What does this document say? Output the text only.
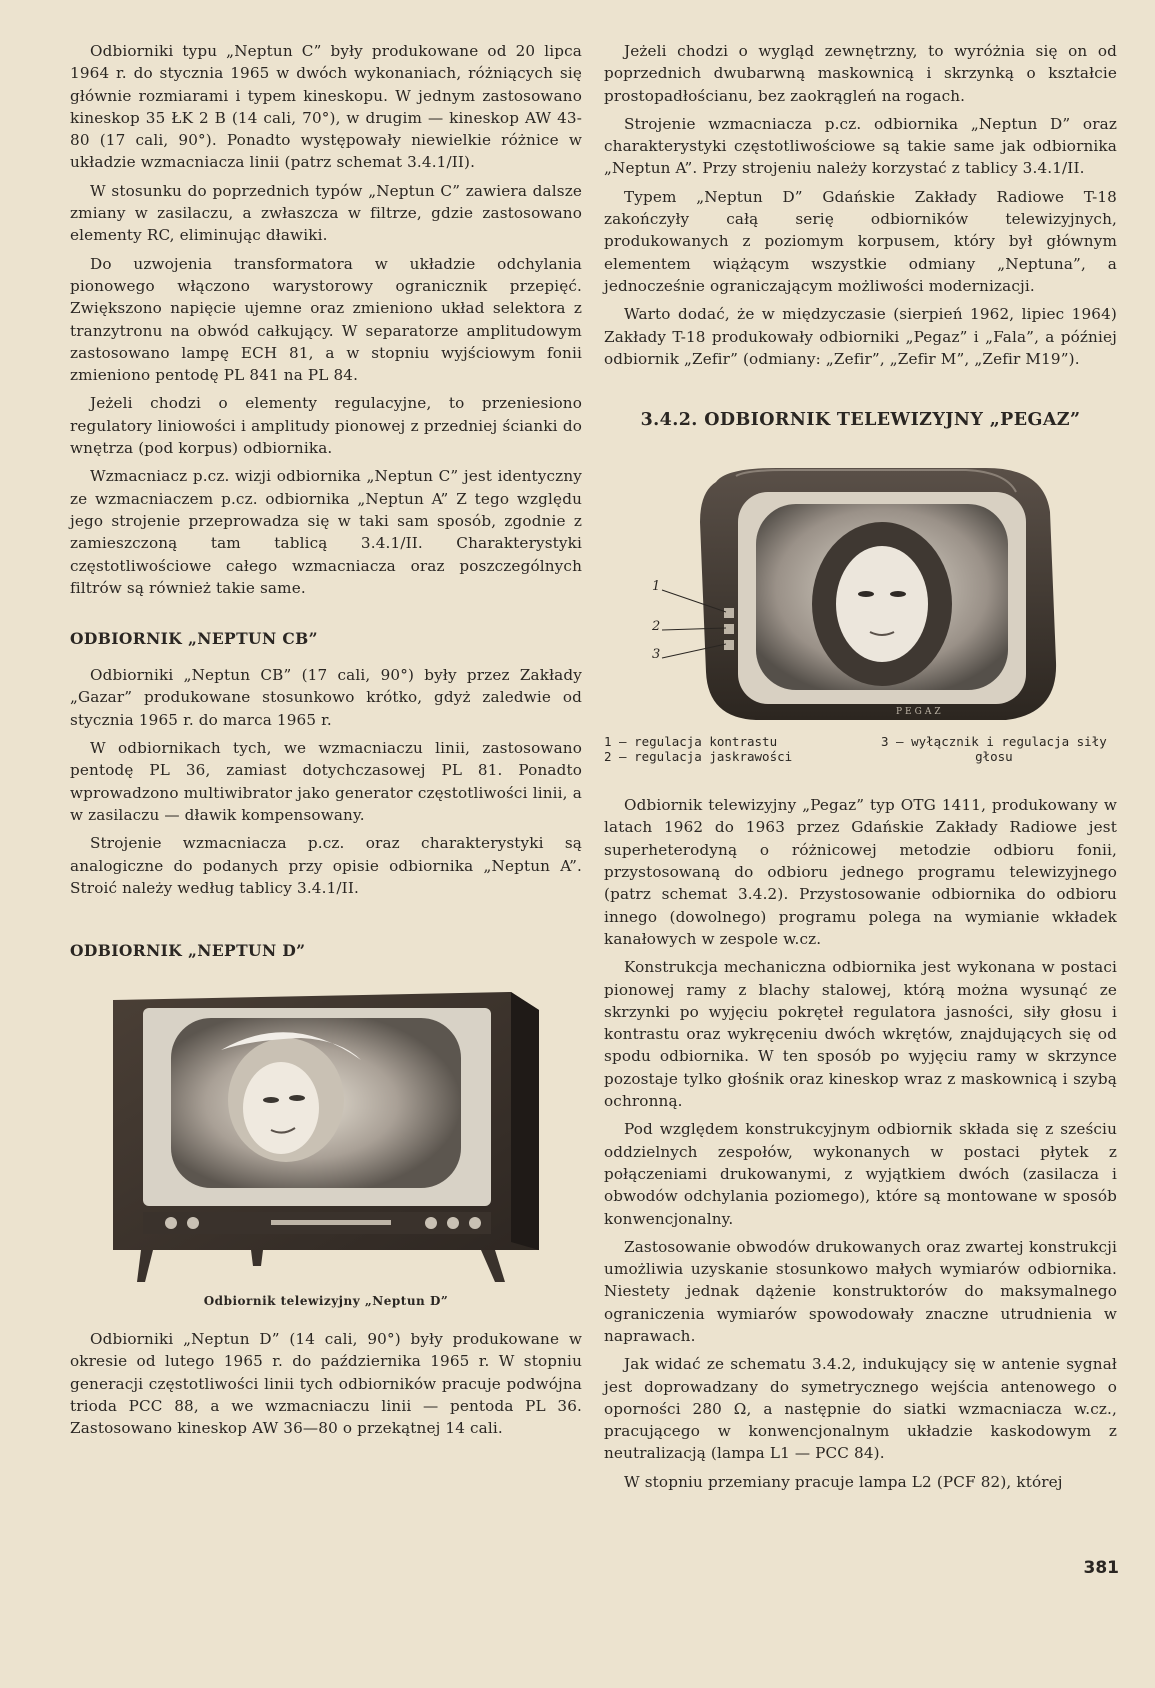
Odbiorniki typu „Neptun C” były produkowane od 20 lipca 1964 r. do stycznia 1965 w dwóch wykonaniach, różniących się głównie rozmiarami i typem kineskopu. W jednym zastosowano kineskop 35 ŁK 2 B (14 cali, 70°), w drugim — kineskop AW 43-80 (17 cali, 90°). Ponadto występowały niewielkie różnice w układzie wzmacniacza linii (patrz schemat 3.4.1/II).

W stosunku do poprzednich typów „Neptun C” zawiera dalsze zmiany w zasilaczu, a zwłaszcza w filtrze, gdzie zastosowano elementy RC, eliminując dławiki.

Do uzwojenia transformatora w układzie odchylania pionowego włączono warystorowy ogranicznik przepięć. Zwiększono napięcie ujemne oraz zmieniono układ selektora z tranzytronu na obwód całkujący. W separatorze amplitudowym zastosowano lampę ECH 81, a w stopniu wyjściowym fonii zmieniono pentodę PL 841 na PL 84.

Jeżeli chodzi o elementy regulacyjne, to przeniesiono regulatory liniowości i amplitudy pionowej z przedniej ścianki do wnętrza (pod korpus) odbiornika.

Wzmacniacz p.cz. wizji odbiornika „Neptun C” jest identyczny ze wzmacniaczem p.cz. odbiornika „Neptun A” Z tego względu jego strojenie przeprowadza się w taki sam sposób, zgodnie z zamieszczoną tam tablicą 3.4.1/II. Charakterystyki częstotliwościowe całego wzmacniacza oraz poszczególnych filtrów są również takie same.

ODBIORNIK „NEPTUN CB”

Odbiorniki „Neptun CB” (17 cali, 90°) były przez Zakłady „Gazar” produkowane stosunkowo krótko, gdyż zaledwie od stycznia 1965 r. do marca 1965 r.

W odbiornikach tych, we wzmacniaczu linii, zastosowano pentodę PL 36, zamiast dotychczasowej PL 81. Ponadto wprowadzono multiwibrator jako generator częstotliwości linii, a w zasilaczu — dławik kompensowany.

Strojenie wzmacniacza p.cz. oraz charakterystyki są analogiczne do podanych przy opisie odbiornika „Neptun A”. Stroić należy według tablicy 3.4.1/II.

ODBIORNIK „NEPTUN D”
Odbiornik telewizyjny „Neptun D”

Odbiorniki „Neptun D” (14 cali, 90°) były produkowane w okresie od lutego 1965 r. do października 1965 r. W stopniu generacji częstotliwości linii tych odbiorników pracuje podwójna trioda PCC 88, a we wzmacniaczu linii — pentoda PL 36. Zastosowano kineskop AW 36—80 o przekątnej 14 cali.

Jeżeli chodzi o wygląd zewnętrzny, to wyróżnia się on od poprzednich dwubarwną maskownicą i skrzynką o kształcie prostopadłościanu, bez zaokrągleń na rogach.

Strojenie wzmacniacza p.cz. odbiornika „Neptun D” oraz charakterystyki częstotliwościowe są takie same jak odbiornika „Neptun A”. Przy strojeniu należy korzystać z tablicy 3.4.1/II.

Typem „Neptun D” Gdańskie Zakłady Radiowe T-18 zakończyły całą serię odbiorników telewizyjnych, produkowanych z poziomym korpusem, który był głównym elementem wiążącym wszystkie odmiany „Neptuna”, a jednocześnie ograniczającym możliwości modernizacji.

Warto dodać, że w międzyczasie (sierpień 1962, lipiec 1964) Zakłady T-18 produkowały odbiorniki „Pegaz” i „Fala”, a później odbiornik „Zefir” (odmiany: „Zefir”, „Zefir M”, „Zefir M19”).

3.4.2. ODBIORNIK TELEWIZYJNY „PEGAZ”
1
2
3
PEGAZ
1 — regulacja kontrastu
2 — regulacja jaskrawości
3 — wyłącznik i regulacja siły głosu

Odbiornik telewizyjny „Pegaz” typ OTG 1411, produkowany w latach 1962 do 1963 przez Gdańskie Zakłady Radiowe jest superheterodyną o różnicowej metodzie odbioru fonii, przystosowaną do odbioru jednego programu telewizyjnego (patrz schemat 3.4.2). Przystosowanie odbiornika do odbioru innego (dowolnego) programu polega na wymianie wkładek kanałowych w zespole w.cz.

Konstrukcja mechaniczna odbiornika jest wykonana w postaci pionowej ramy z blachy stalowej, którą można wysunąć ze skrzynki po wyjęciu pokręteł regulatora jasności, siły głosu i kontrastu oraz wykręceniu dwóch wkrętów, znajdujących się od spodu odbiornika. W ten sposób po wyjęciu ramy w skrzynce pozostaje tylko głośnik oraz kineskop wraz z maskownicą i szybą ochronną.

Pod względem konstrukcyjnym odbiornik składa się z sześciu oddzielnych zespołów, wykonanych w postaci płytek z połączeniami drukowanymi, z wyjątkiem dwóch (zasilacza i obwodów odchylania poziomego), które są montowane w sposób konwencjonalny.

Zastosowanie obwodów drukowanych oraz zwartej konstrukcji umożliwia uzyskanie stosunkowo małych wymiarów odbiornika. Niestety jednak dążenie konstruktorów do maksymalnego ograniczenia wymiarów spowodowały znaczne utrudnienia w naprawach.

Jak widać ze schematu 3.4.2, indukujący się w antenie sygnał jest doprowadzany do symetrycznego wejścia antenowego o oporności 280 Ω, a następnie do siatki wzmacniacza w.cz., pracującego w konwencjonalnym układzie kaskodowym z neutralizacją (lampa L1 — PCC 84).

W stopniu przemiany pracuje lampa L2 (PCF 82), której

381
